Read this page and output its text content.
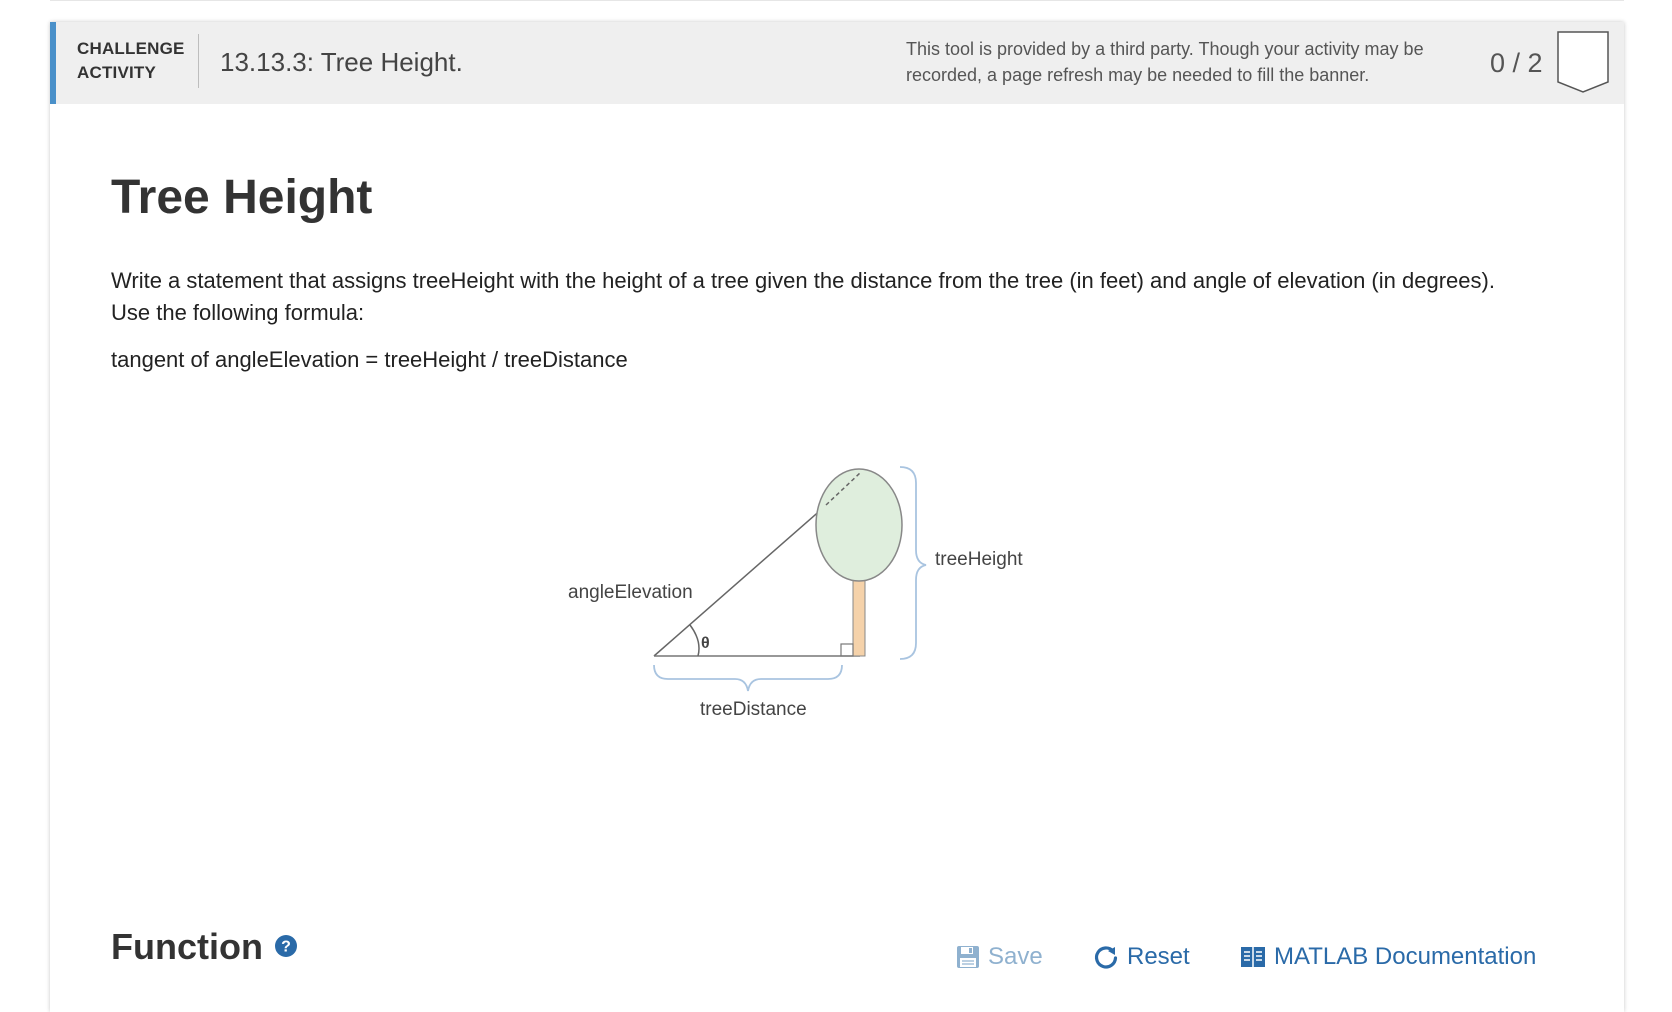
CHALLENGE
ACTIVITY	13.13.3: Tree Height.	This tool is provided by a third party. Though your activity may be recorded, a page refresh may be needed to fill the banner.	0 / 2
Tree Height

Write a statement that assigns treeHeight with the height of a tree given the distance from the tree (in feet) and angle of elevation (in degrees). Use the following formula:

tangent of angleElevation = treeHeight / treeDistance

θ
angleElevation
treeHeight
treeDistance
Function ?	Save	Reset	MATLAB Documentation
